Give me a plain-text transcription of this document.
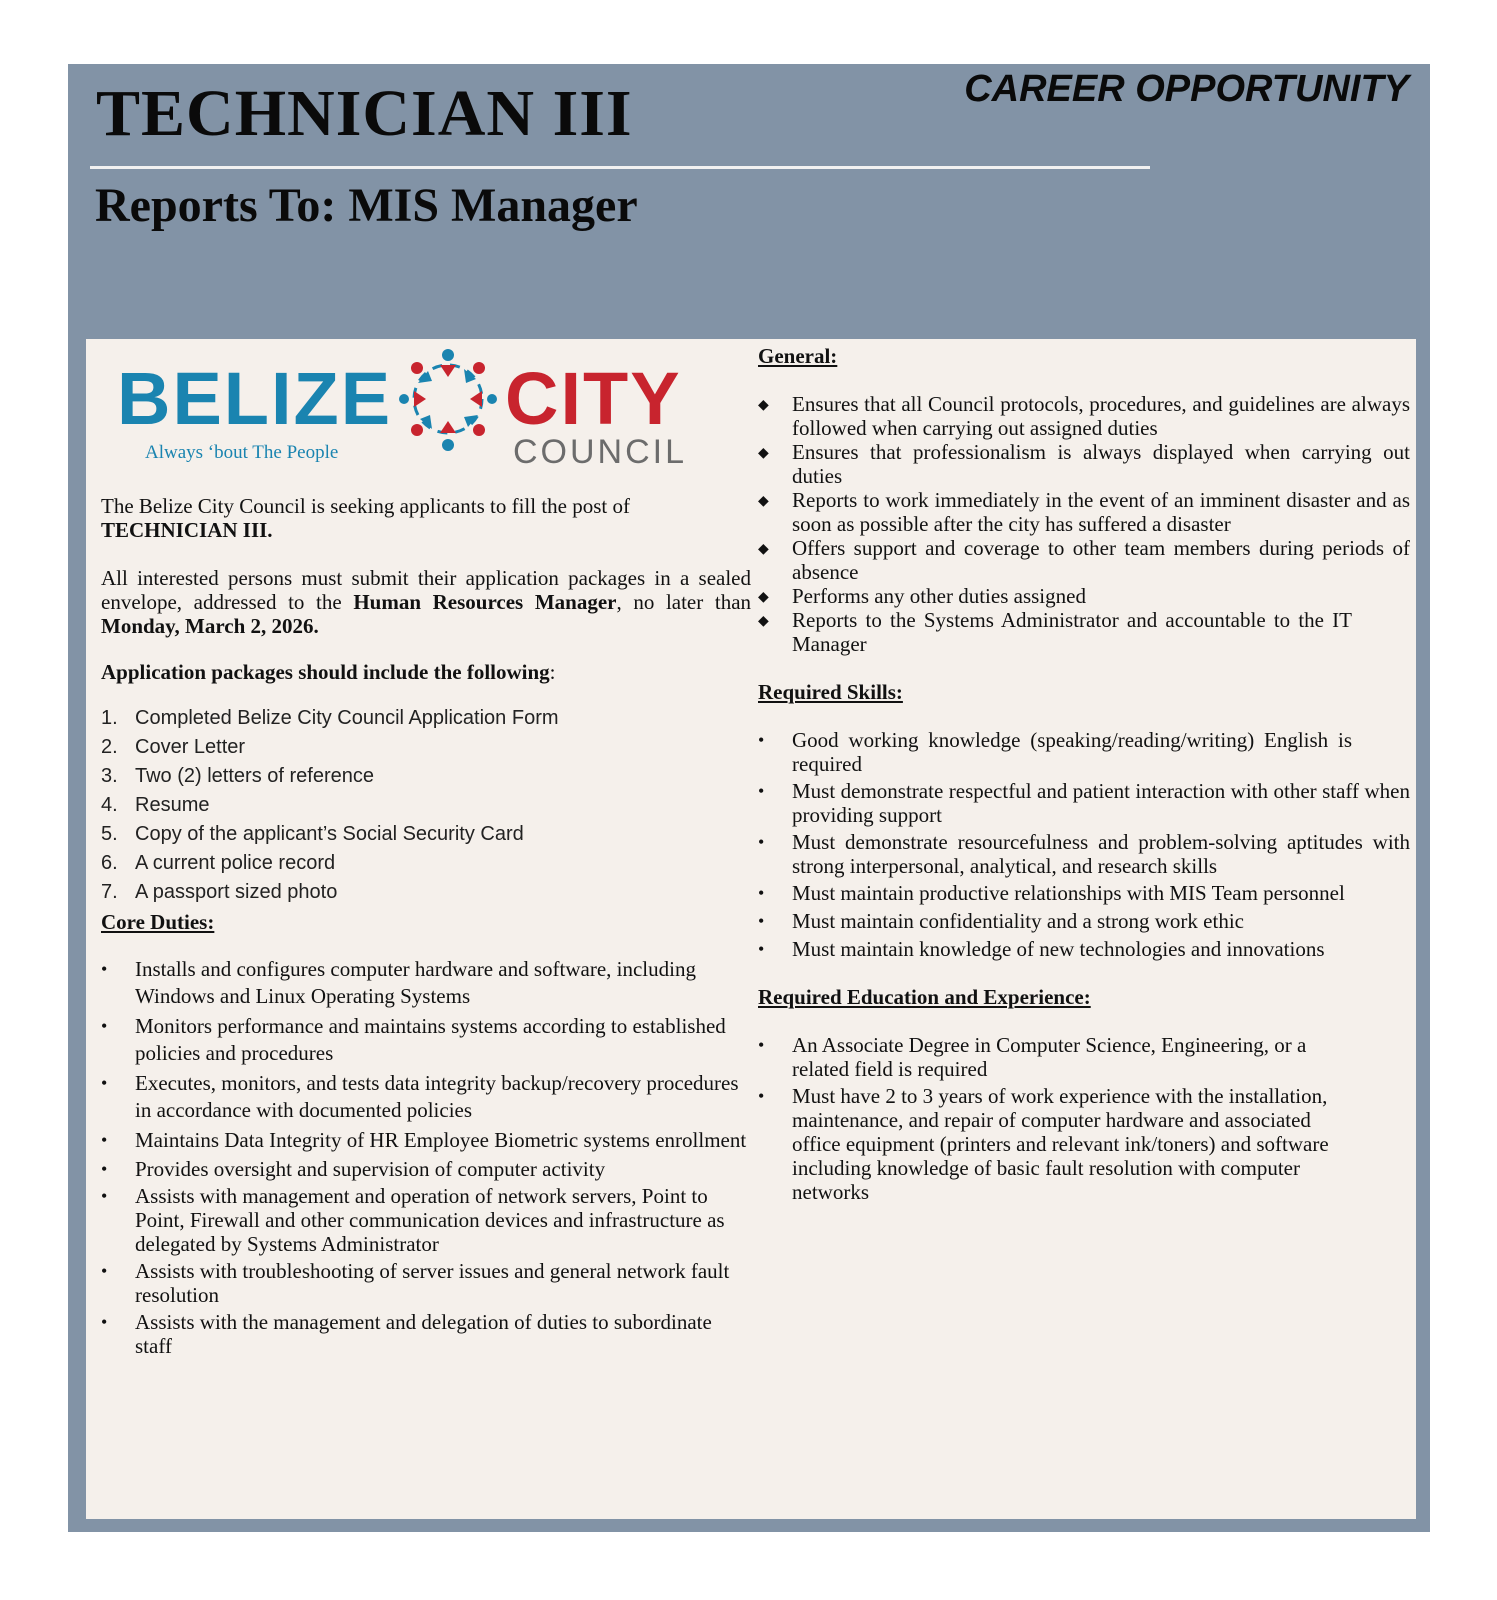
TECHNICIAN III	CAREER OPPORTUNITY
Reports To: MIS Manager
BELIZE CITY
COUNCIL
Always ‘bout The People

The Belize City Council is seeking applicants to fill the post of
TECHNICIAN III.

All interested persons must submit their application packages in a sealed envelope, addressed to the Human Resources Manager, no later than Monday, March 2, 2026.

Application packages should include the following:

1. Completed Belize City Council Application Form
2. Cover Letter
3. Two (2) letters of reference
4. Resume
5. Copy of the applicant’s Social Security Card
6. A current police record
7. A passport sized photo

Core Duties:

• Installs and configures computer hardware and software, including Windows and Linux Operating Systems
• Monitors performance and maintains systems according to established policies and procedures
• Executes, monitors, and tests data integrity backup/recovery procedures in accordance with documented policies
• Maintains Data Integrity of HR Employee Biometric systems enrollment
• Provides oversight and supervision of computer activity
• Assists with management and operation of network servers, Point to Point, Firewall and other communication devices and infrastructure as delegated by Systems Administrator
• Assists with troubleshooting of server issues and general network fault resolution
• Assists with the management and delegation of duties to subordinate staff

General:

◆ Ensures that all Council protocols, procedures, and guidelines are always followed when carrying out assigned duties
◆ Ensures that professionalism is always displayed when carrying out duties
◆ Reports to work immediately in the event of an imminent disaster and as soon as possible after the city has suffered a disaster
◆ Offers support and coverage to other team members during periods of absence
◆ Performs any other duties assigned
◆ Reports to the Systems Administrator and accountable to the IT Manager

Required Skills:

• Good working knowledge (speaking/reading/writing) English is required
• Must demonstrate respectful and patient interaction with other staff when providing support
• Must demonstrate resourcefulness and problem-solving aptitudes with strong interpersonal, analytical, and research skills
• Must maintain productive relationships with MIS Team personnel
• Must maintain confidentiality and a strong work ethic
• Must maintain knowledge of new technologies and innovations

Required Education and Experience:

• An Associate Degree in Computer Science, Engineering, or a related field is required
• Must have 2 to 3 years of work experience with the installation, maintenance, and repair of computer hardware and associated office equipment (printers and relevant ink/toners) and software including knowledge of basic fault resolution with computer networks
